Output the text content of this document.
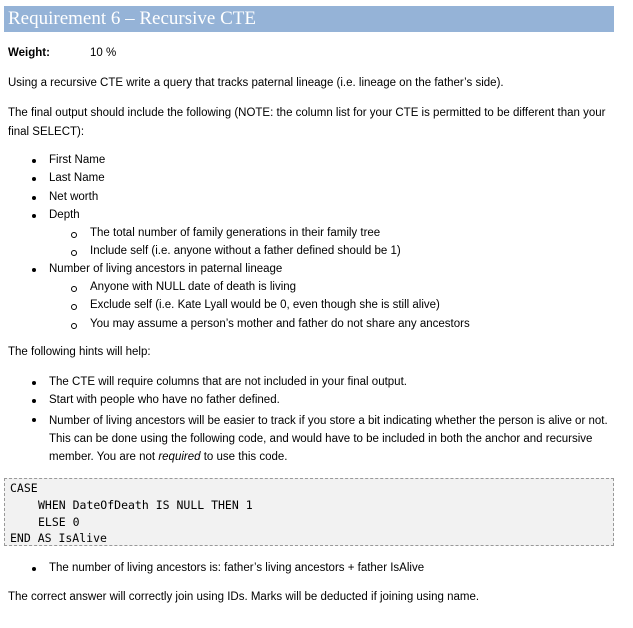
Requirement 6 – Recursive CTE
Weight:	10 %
Using a recursive CTE write a query that tracks paternal lineage (i.e. lineage on the father’s side).
The final output should include the following (NOTE: the column list for your CTE is permitted to be different than your final SELECT):
First Name
Last Name
Net worth
Depth
The total number of family generations in their family tree
Include self (i.e. anyone without a father defined should be 1)
Number of living ancestors in paternal lineage
Anyone with NULL date of death is living
Exclude self (i.e. Kate Lyall would be 0, even though she is still alive)
You may assume a person’s mother and father do not share any ancestors
The following hints will help:
The CTE will require columns that are not included in your final output.
Start with people who have no father defined.
Number of living ancestors will be easier to track if you store a bit indicating whether the person is alive or not. This can be done using the following code, and would have to be included in both the anchor and recursive member. You are not required to use this code.
CASE
WHEN DateOfDeath IS NULL THEN 1
ELSE 0
END AS IsAlive
The number of living ancestors is: father’s living ancestors + father IsAlive
The correct answer will correctly join using IDs. Marks will be deducted if joining using name.
